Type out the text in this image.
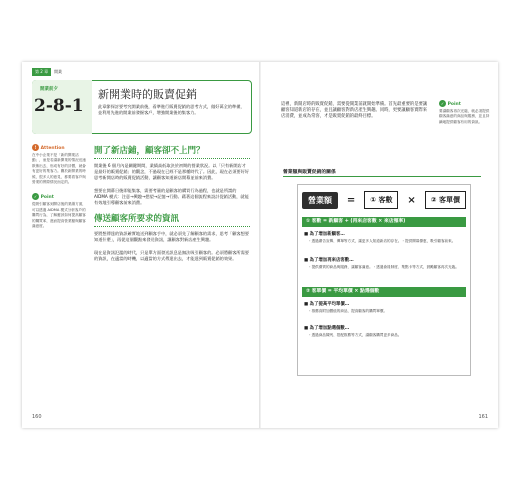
第 2 章	開業
開業前夕
2-8-1
新開業時的販賣促銷
此章節探討要考究開業前後，看準進行販賣促銷的思考方式，做好萬全的準備，並利用先進的開業前發掘客戶，增強開業後的集客力。
! Attention
在中小企業不是「新的開業活動」，而是若讓新開業的情況迅速散佈出去，形成有好的評價，就會有更好的集客力。關於新開業的時候，很多人的意見，都要看客戶與營業的實際情況而定的。
✓ Point
從吸引顧客到開店後的業績方面，可以透過 AIDMA 模式分析客戶的購買行為，了解應該如何提高顧客的購買率，進而提高營業額與顧客滿意度。
開了新店鋪，顧客卻不上門？
開業後 6 個月內是關鍵期間，業績高低取決於初期的營業狀況。以「只有新開店才是最好的販賣促銷」的觀念，不過現在已經不是那種時代了。因此，現在必須要好好思考新開店時的販賣促銷活動，讓顧客知道新店開幕並前來消費。
想要在開幕日後即能集客，需要考量的是顧客的購買行為過程，也就是所謂的 AIDMA 模式：注意→興趣→慾望→記憶→行動。藉著這個流程來設計促銷活動，就能有效地引導顧客前來消費。
傳送顧客所要求的資訊
要將想傳達的資訊確實地送到顧客手中，就必須先了解顧客的需求，思考「顧客想要知道什麼」，再從這個觀點來發送資訊，讓顧客對新店產生興趣。
現在是資訊氾濫的時代，只是單方面發送訊息是無法吸引顧客的。必須將顧客所需要的資訊，在適當的時機，以適當的方式傳達出去，才能達到販賣促銷的效果。
160
這裡，新開店時的販賣促銷，需要從開業前就開始準備。首先最重要的是要讓顧客知道新店的存在，並且讓顧客對新店產生興趣。同時，更要讓顧客實際來店消費，並成為常客，才是販賣促銷的最終目標。
✓ Point
要讓顧客再次光臨，就必須提供顧客滿意的商品與服務，並且持續地提供顧客有用的資訊。
營業額與販賣促銷的關係
營業額	=	① 客數	×	② 客單價
① 客數 = 新顧客 + (再來店客數 × 來店頻率)
■ 為了增加新顧客…
・透過廣告宣傳、傳單等方式，讓更多人知道新店的存在。・提供開幕優惠，吸引顧客前來。
■ 為了增加再來店客數…
・提供優質的商品與服務，讓顧客滿意。・透過會員制度、集點卡等方式，鼓勵顧客再次光臨。
② 客單價 = 平均單價 × 點選個數
■ 為了提高平均單價…
・推薦高附加價值的商品，提高顧客的購買單價。
■ 為了增加點選個數…
・透過商品陳列、搭配推薦等方式，讓顧客購買更多商品。
161
